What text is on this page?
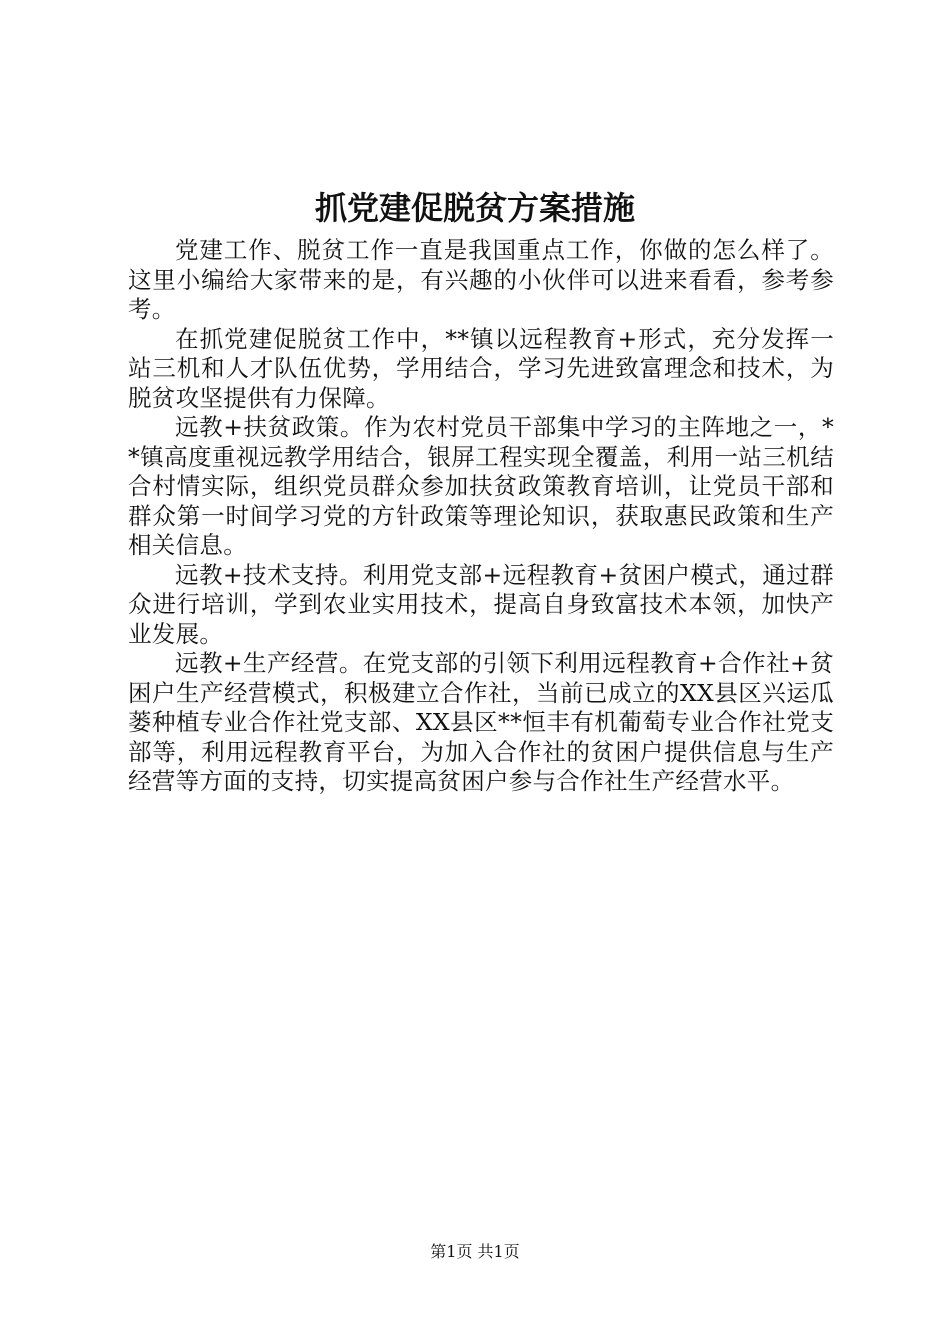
抓党建促脱贫方案措施

党建工作、脱贫工作一直是我国重点工作，你做的怎么样了。这里小编给大家带来的是，有兴趣的小伙伴可以进来看看，参考参考。

在抓党建促脱贫工作中，**镇以远程教育+形式，充分发挥一站三机和人才队伍优势，学用结合，学习先进致富理念和技术，为脱贫攻坚提供有力保障。

远教+扶贫政策。作为农村党员干部集中学习的主阵地之一，**镇高度重视远教学用结合，银屏工程实现全覆盖，利用一站三机结合村情实际，组织党员群众参加扶贫政策教育培训，让党员干部和群众第一时间学习党的方针政策等理论知识，获取惠民政策和生产相关信息。

远教+技术支持。利用党支部+远程教育+贫困户模式，通过群众进行培训，学到农业实用技术，提高自身致富技术本领，加快产业发展。

远教+生产经营。在党支部的引领下利用远程教育+合作社+贫困户生产经营模式，积极建立合作社，当前已成立的XX县区兴运瓜蒌种植专业合作社党支部、XX县区**恒丰有机葡萄专业合作社党支部等，利用远程教育平台，为加入合作社的贫困户提供信息与生产经营等方面的支持，切实提高贫困户参与合作社生产经营水平。

第1页 共1页
